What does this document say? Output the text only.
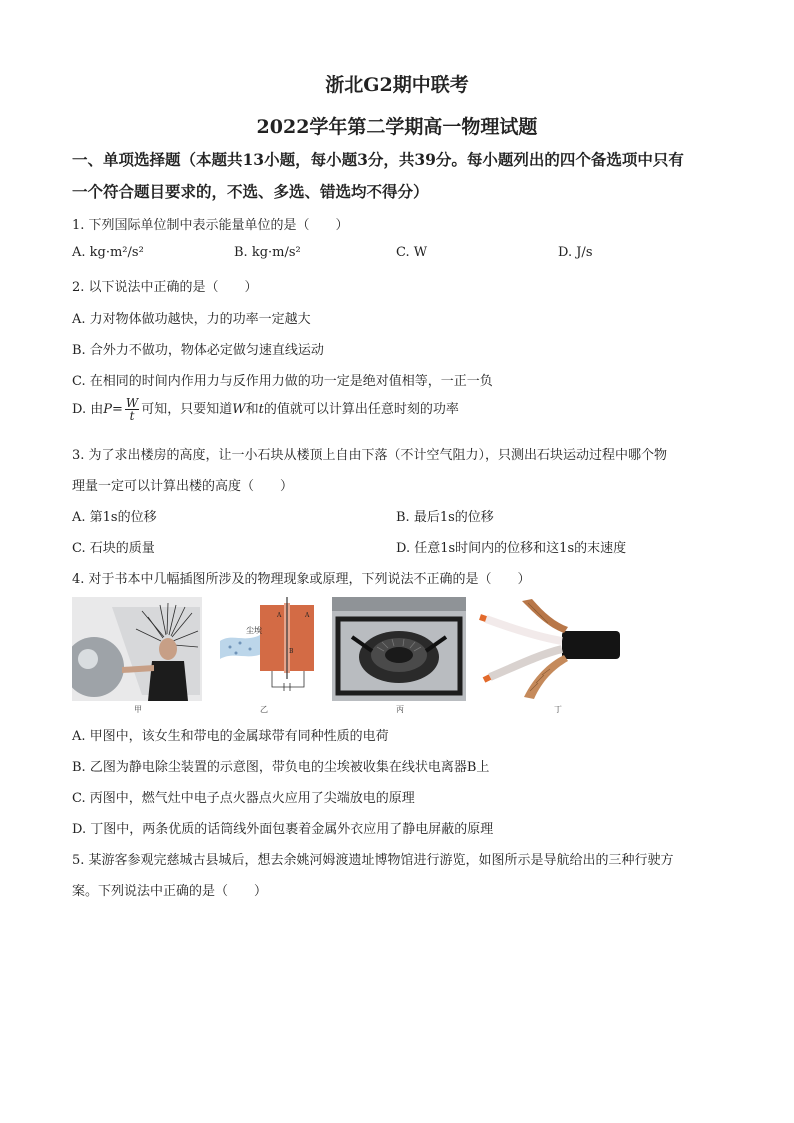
浙北G2期中联考
2022学年第二学期高一物理试题
一、单项选择题（本题共13小题，每小题3分，共39分。每小题列出的四个备选项中只有
一个符合题目要求的，不选、多选、错选均不得分）
1. 下列国际单位制中表示能量单位的是（　　）
A. kg·m²/s²	B. kg·m/s²	C. W	D. J/s
2. 以下说法中正确的是（　　）
A. 力对物体做功越快，力的功率一定越大
B. 合外力不做功，物体必定做匀速直线运动
C. 在相同的时间内作用力与反作用力做的功一定是绝对值相等，一正一负
D. 由$P= \frac{W}{t}$ 可知，只要知道W和t的值就可以计算出任意时刻的功率
3. 为了求出楼房的高度，让一小石块从楼顶上自由下落（不计空气阻力），只测出石块运动过程中哪个物
理量一定可以计算出楼的高度（　　）
A. 第1s的位移	B. 最后1s的位移
C. 石块的质量	D. 任意1s时间内的位移和这1s的末速度
4. 对于书本中几幅插图所涉及的物理现象或原理，下列说法不正确的是（　　）
甲
尘埃
A	A
B
乙	丙	丁
A. 甲图中，该女生和带电的金属球带有同种性质的电荷
B. 乙图为静电除尘装置的示意图，带负电的尘埃被收集在线状电离器B上
C. 丙图中，燃气灶中电子点火器点火应用了尖端放电的原理
D. 丁图中，两条优质的话筒线外面包裹着金属外衣应用了静电屏蔽的原理
5. 某游客参观完慈城古县城后，想去余姚河姆渡遗址博物馆进行游览，如图所示是导航给出的三种行驶方
案。下列说法中正确的是（　　）
